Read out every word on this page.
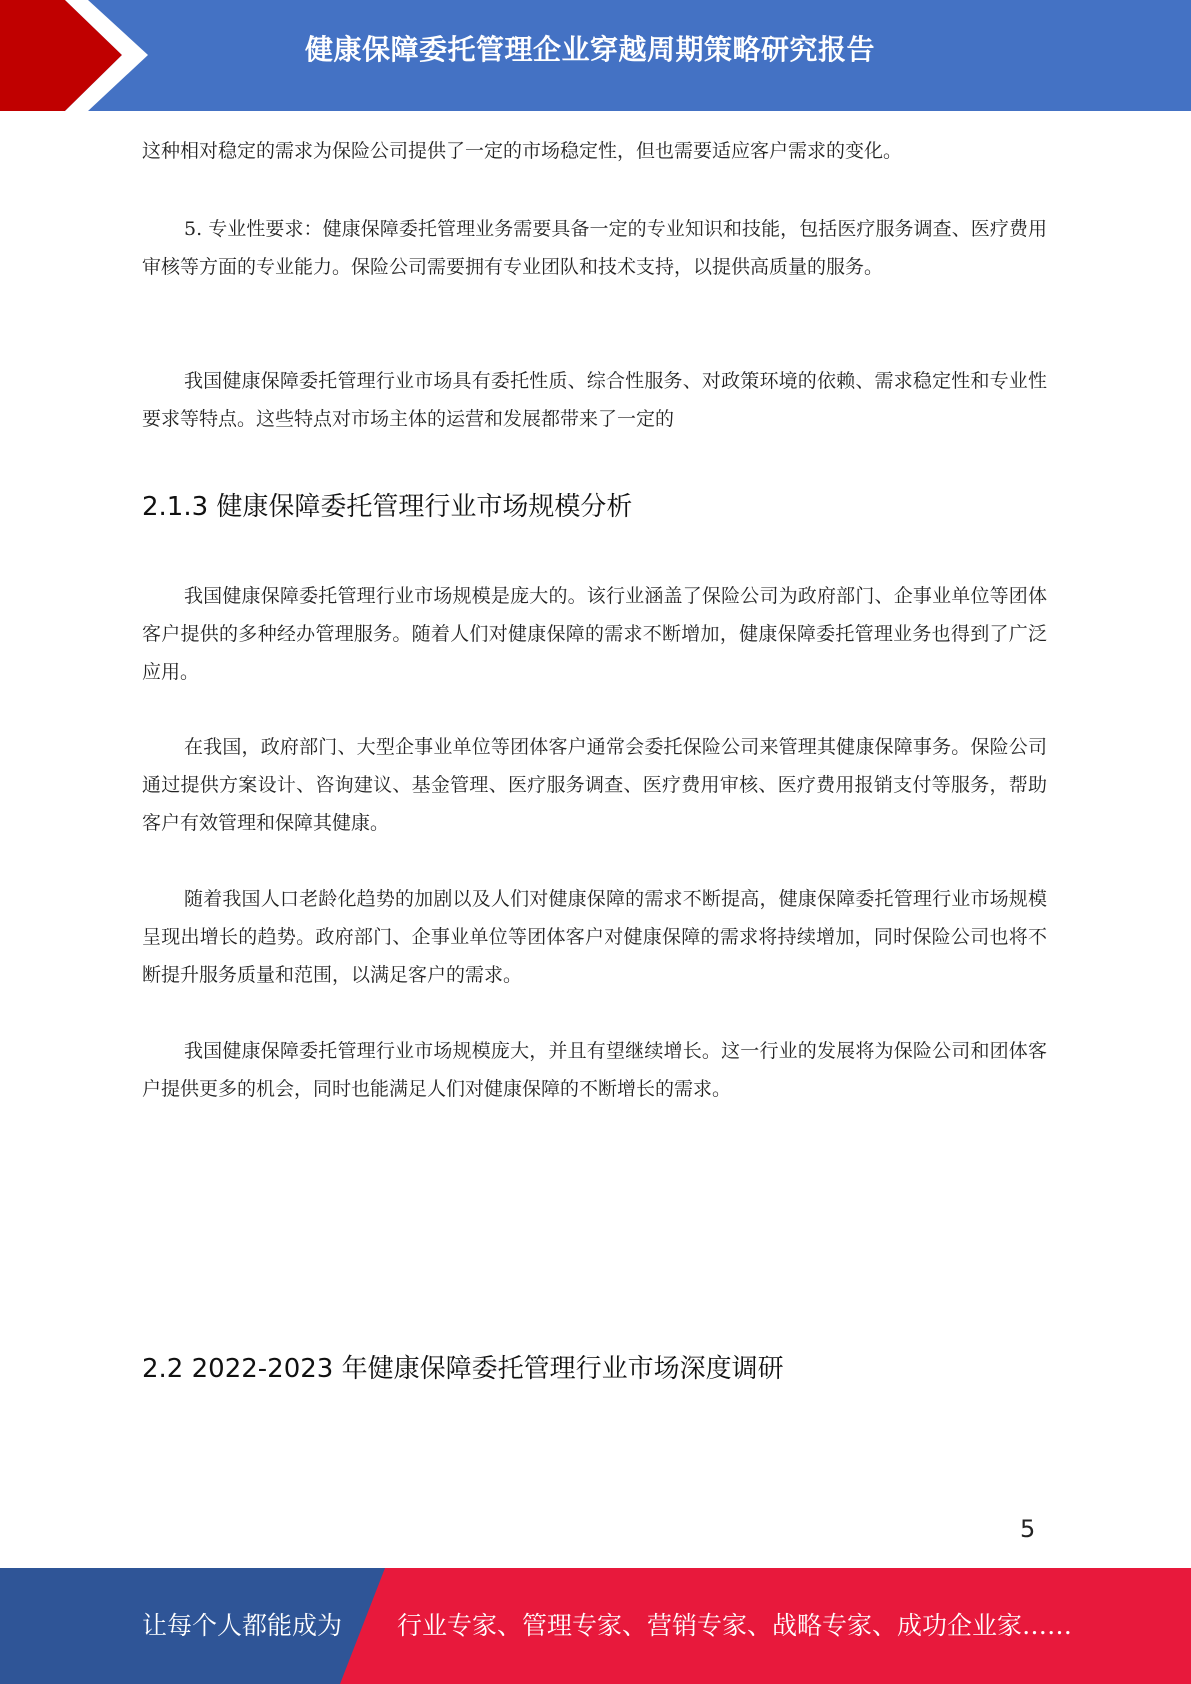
健康保障委托管理企业穿越周期策略研究报告

这种相对稳定的需求为保险公司提供了一定的市场稳定性，但也需要适应客户需求的变化。

5. 专业性要求：健康保障委托管理业务需要具备一定的专业知识和技能，包括医疗服务调查、医疗费用审核等方面的专业能力。保险公司需要拥有专业团队和技术支持，以提供高质量的服务。

我国健康保障委托管理行业市场具有委托性质、综合性服务、对政策环境的依赖、需求稳定性和专业性要求等特点。这些特点对市场主体的运营和发展都带来了一定的

2.1.3 健康保障委托管理行业市场规模分析

我国健康保障委托管理行业市场规模是庞大的。该行业涵盖了保险公司为政府部门、企事业单位等团体客户提供的多种经办管理服务。随着人们对健康保障的需求不断增加，健康保障委托管理业务也得到了广泛应用。

在我国，政府部门、大型企事业单位等团体客户通常会委托保险公司来管理其健康保障事务。保险公司通过提供方案设计、咨询建议、基金管理、医疗服务调查、医疗费用审核、医疗费用报销支付等服务，帮助客户有效管理和保障其健康。

随着我国人口老龄化趋势的加剧以及人们对健康保障的需求不断提高，健康保障委托管理行业市场规模呈现出增长的趋势。政府部门、企事业单位等团体客户对健康保障的需求将持续增加，同时保险公司也将不断提升服务质量和范围，以满足客户的需求。

我国健康保障委托管理行业市场规模庞大，并且有望继续增长。这一行业的发展将为保险公司和团体客户提供更多的机会，同时也能满足人们对健康保障的不断增长的需求。

2.2 2022-2023 年健康保障委托管理行业市场深度调研
5
让每个人都能成为 行业专家、管理专家、营销专家、战略专家、成功企业家……
